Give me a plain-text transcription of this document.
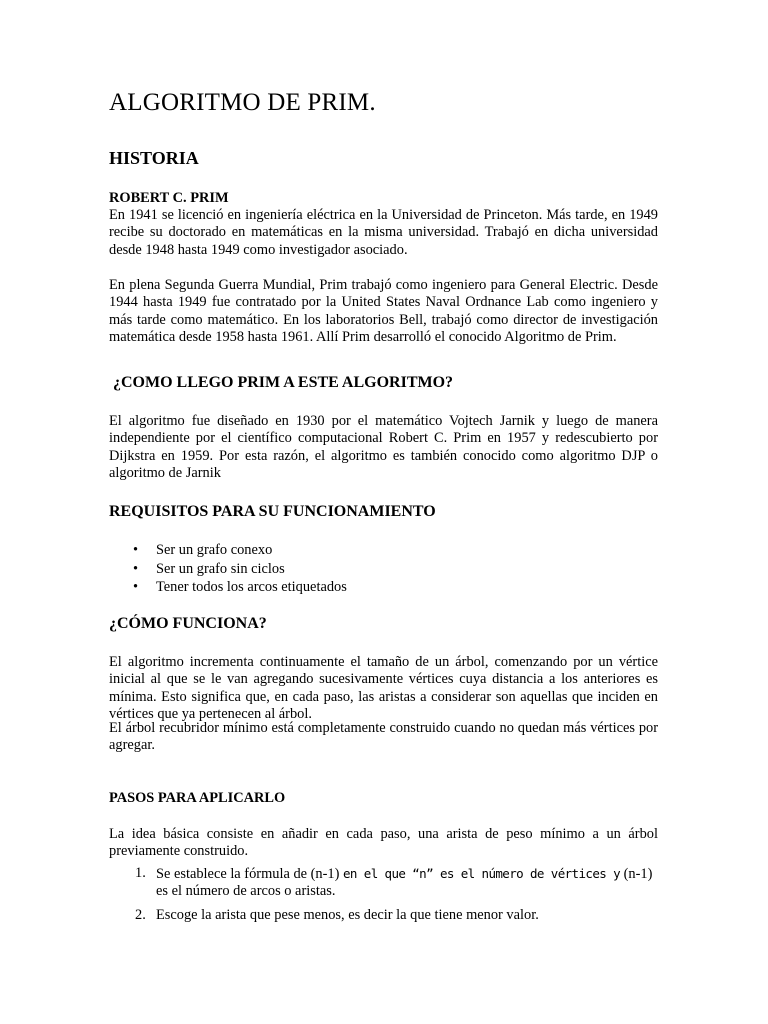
ALGORITMO DE PRIM.
HISTORIA
ROBERT C. PRIM

En 1941 se licenció en ingeniería eléctrica en la Universidad de Princeton. Más tarde, en 1949 recibe su doctorado en matemáticas en la misma universidad. Trabajó en dicha universidad desde 1948 hasta 1949 como investigador asociado.

En plena Segunda Guerra Mundial, Prim trabajó como ingeniero para General Electric. Desde 1944 hasta 1949 fue contratado por la United States Naval Ordnance Lab como ingeniero y más tarde como matemático. En los laboratorios Bell, trabajó como director de investigación matemática desde 1958 hasta 1961. Allí Prim desarrolló el conocido Algoritmo de Prim.

¿COMO LLEGO PRIM A ESTE ALGORITMO?

El algoritmo fue diseñado en 1930 por el matemático Vojtech Jarnik y luego de manera independiente por el científico computacional Robert C. Prim en 1957 y redescubierto por Dijkstra en 1959. Por esta razón, el algoritmo es también conocido como algoritmo DJP o algoritmo de Jarnik

REQUISITOS PARA SU FUNCIONAMIENTO
• Ser un grafo conexo
• Ser un grafo sin ciclos
• Tener todos los arcos etiquetados
¿CÓMO FUNCIONA?

El algoritmo incrementa continuamente el tamaño de un árbol, comenzando por un vértice inicial al que se le van agregando sucesivamente vértices cuya distancia a los anteriores es mínima. Esto significa que, en cada paso, las aristas a considerar son aquellas que inciden en vértices que ya pertenecen al árbol.

El árbol recubridor mínimo está completamente construido cuando no quedan más vértices por agregar.

PASOS PARA APLICARLO

La idea básica consiste en añadir en cada paso, una arista de peso mínimo a un árbol previamente construido.

1. Se establece la fórmula de (n-1) en el que “n” es el número de vértices y (n-1) es el número de arcos o aristas.
2. Escoge la arista que pese menos, es decir la que tiene menor valor.
